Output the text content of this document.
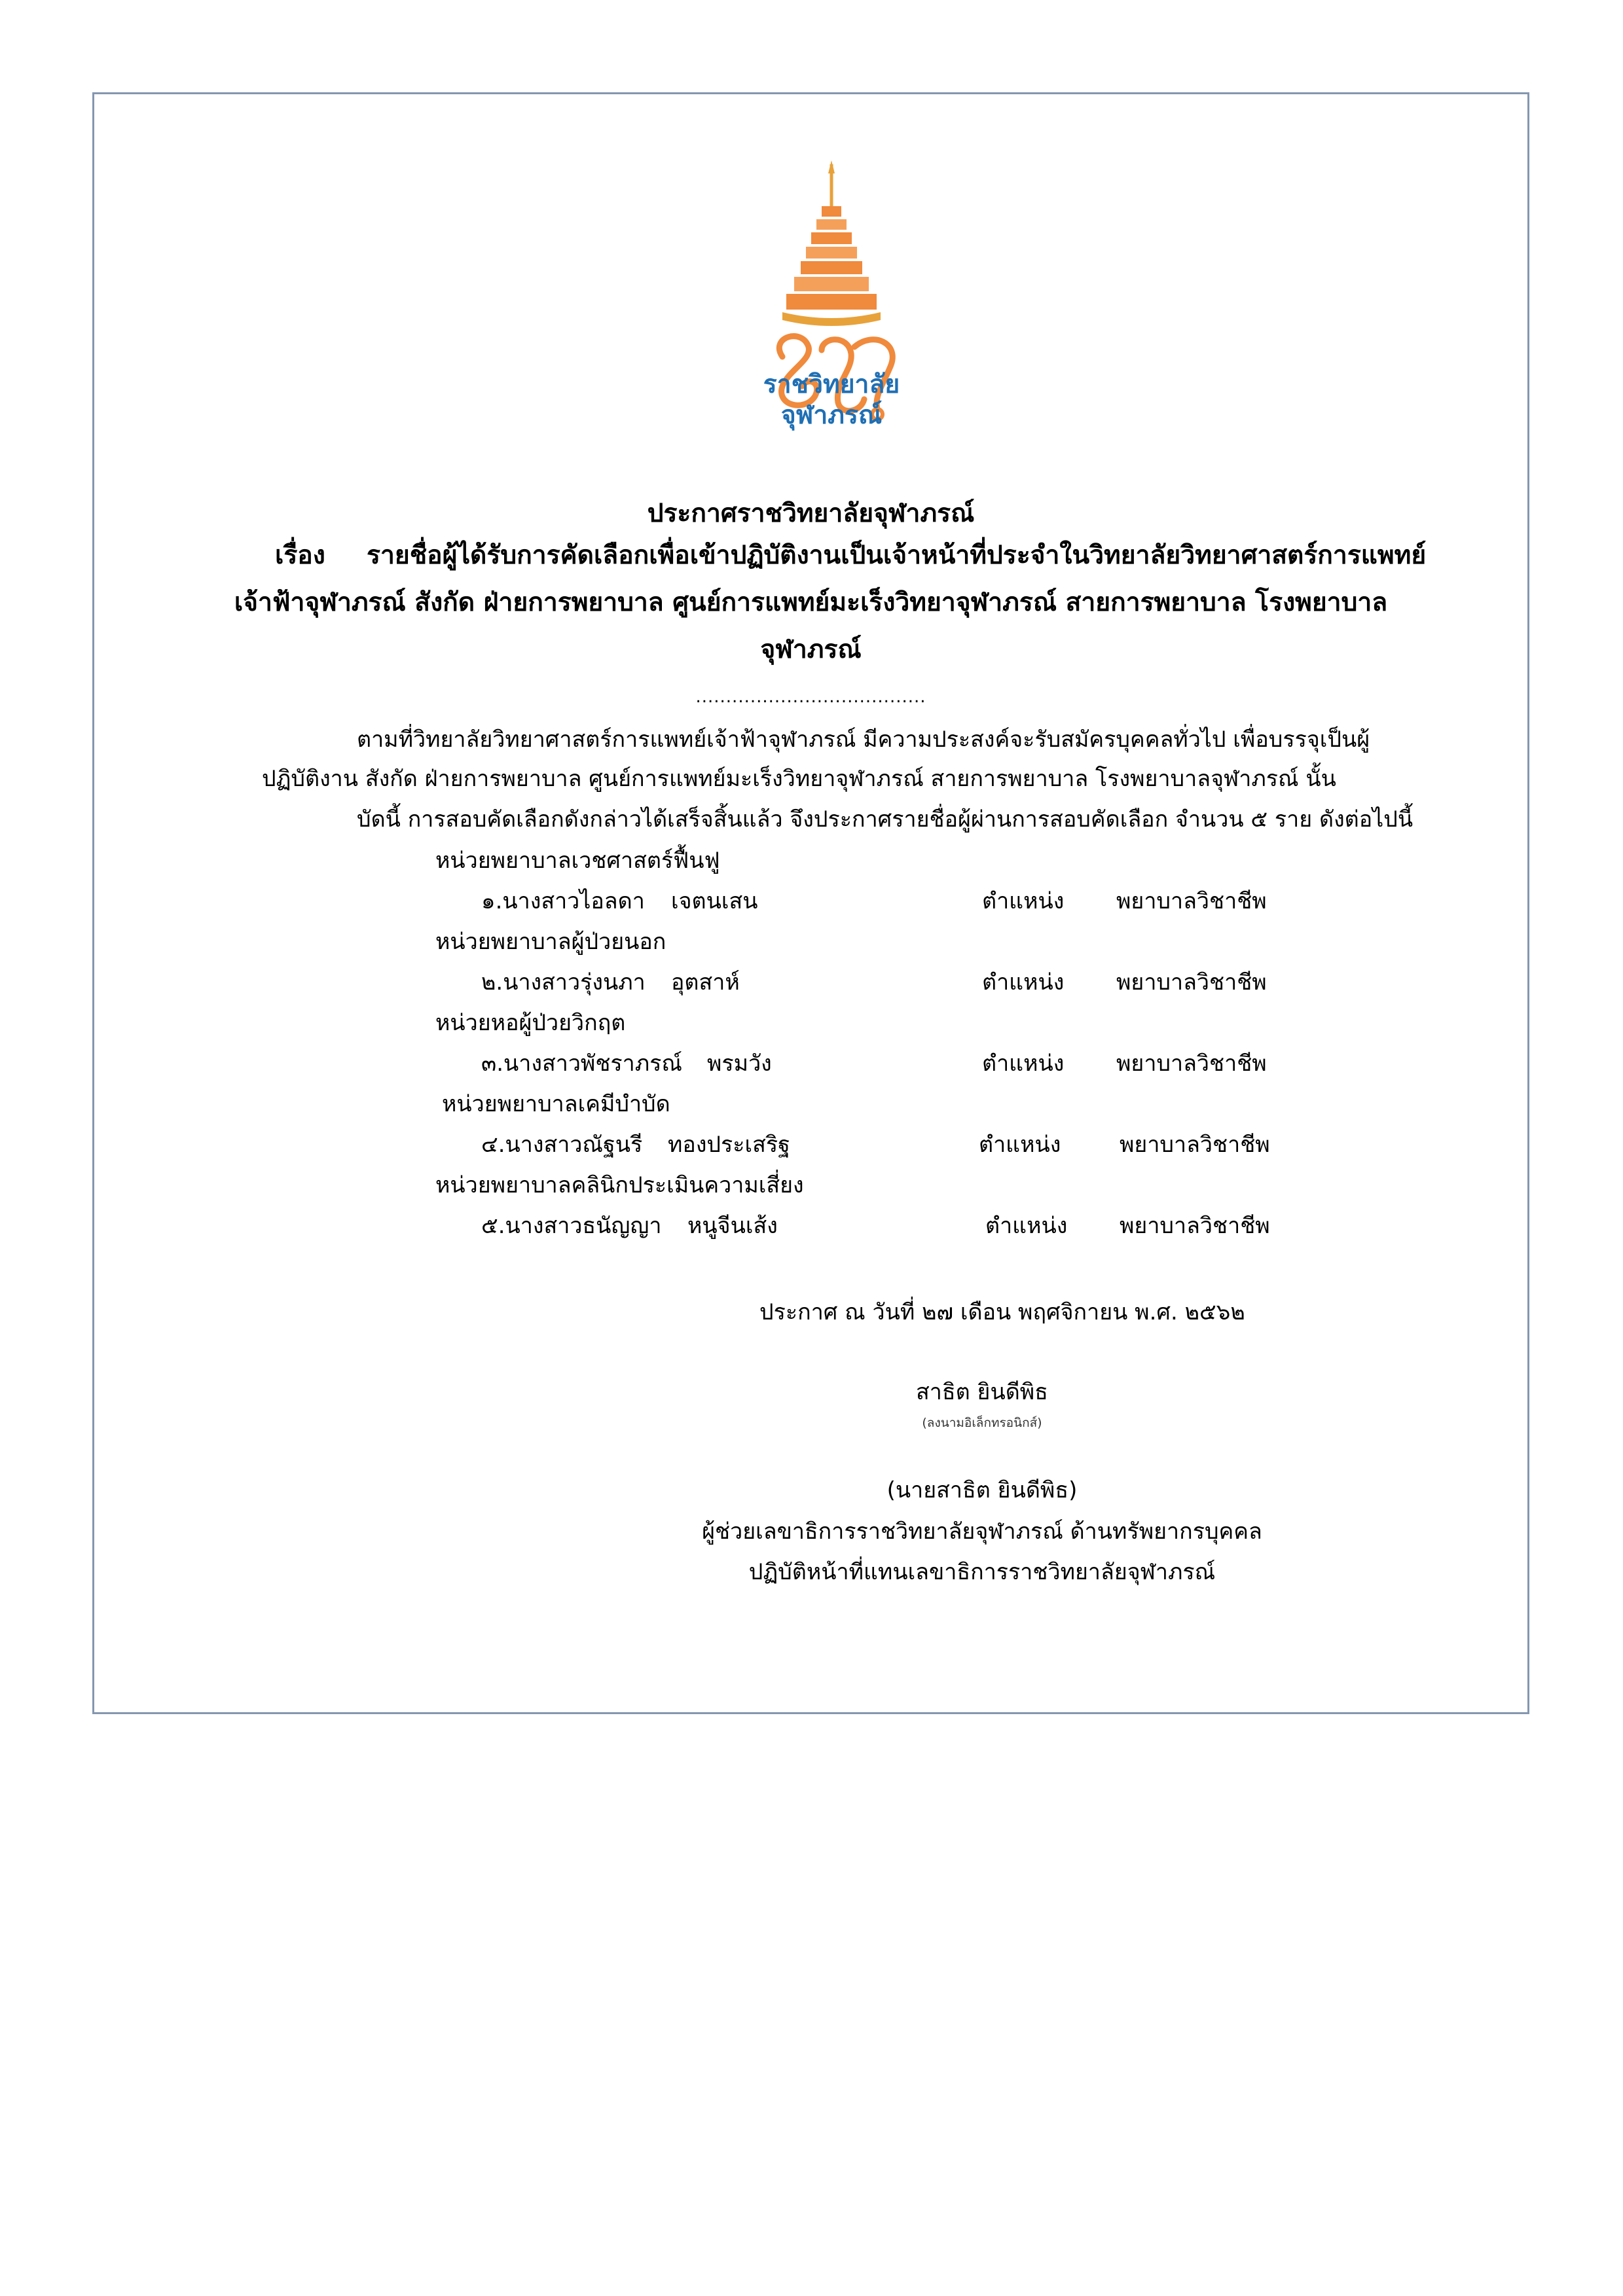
ราชวิทยาลัย
จุฬาภรณ์
ประกาศราชวิทยาลัยจุฬาภรณ์
เรื่อง รายชื่อผู้ได้รับการคัดเลือกเพื่อเข้าปฏิบัติงานเป็นเจ้าหน้าที่ประจำในวิทยาลัยวิทยาศาสตร์การแพทย์
เจ้าฟ้าจุฬาภรณ์ สังกัด ฝ่ายการพยาบาล ศูนย์การแพทย์มะเร็งวิทยาจุฬาภรณ์ สายการพยาบาล โรงพยาบาล
จุฬาภรณ์
......................................
ตามที่วิทยาลัยวิทยาศาสตร์การแพทย์เจ้าฟ้าจุฬาภรณ์ มีความประสงค์จะรับสมัครบุคคลทั่วไป เพื่อบรรจุเป็นผู้
ปฏิบัติงาน สังกัด ฝ่ายการพยาบาล ศูนย์การแพทย์มะเร็งวิทยาจุฬาภรณ์ สายการพยาบาล โรงพยาบาลจุฬาภรณ์ นั้น
บัดนี้ การสอบคัดเลือกดังกล่าวได้เสร็จสิ้นแล้ว จึงประกาศรายชื่อผู้ผ่านการสอบคัดเลือก จำนวน ๕ ราย ดังต่อไปนี้
หน่วยพยาบาลเวชศาสตร์ฟื้นฟู
๑.นางสาวไอลดา เจตนเสน	ตำแหน่ง พยาบาลวิชาชีพ
หน่วยพยาบาลผู้ป่วยนอก
๒.นางสาวรุ่งนภา อุตสาห์	ตำแหน่ง พยาบาลวิชาชีพ
หน่วยหอผู้ป่วยวิกฤต
๓.นางสาวพัชราภรณ์ พรมวัง	ตำแหน่ง พยาบาลวิชาชีพ
หน่วยพยาบาลเคมีบำบัด
๔.นางสาวณัฐนรี ทองประเสริฐ	ตำแหน่ง	พยาบาลวิชาชีพ
หน่วยพยาบาลคลินิกประเมินความเสี่ยง
๕.นางสาวธนัญญา หนูจีนเส้ง	ตำแหน่ง พยาบาลวิชาชีพ
ประกาศ ณ วันที่ ๒๗ เดือน พฤศจิกายน พ.ศ. ๒๕๖๒
สาธิต ยินดีพิธ
(ลงนามอิเล็กทรอนิกส์)
(นายสาธิต ยินดีพิธ)
ผู้ช่วยเลขาธิการราชวิทยาลัยจุฬาภรณ์ ด้านทรัพยากรบุคคล
ปฏิบัติหน้าที่แทนเลขาธิการราชวิทยาลัยจุฬาภรณ์
